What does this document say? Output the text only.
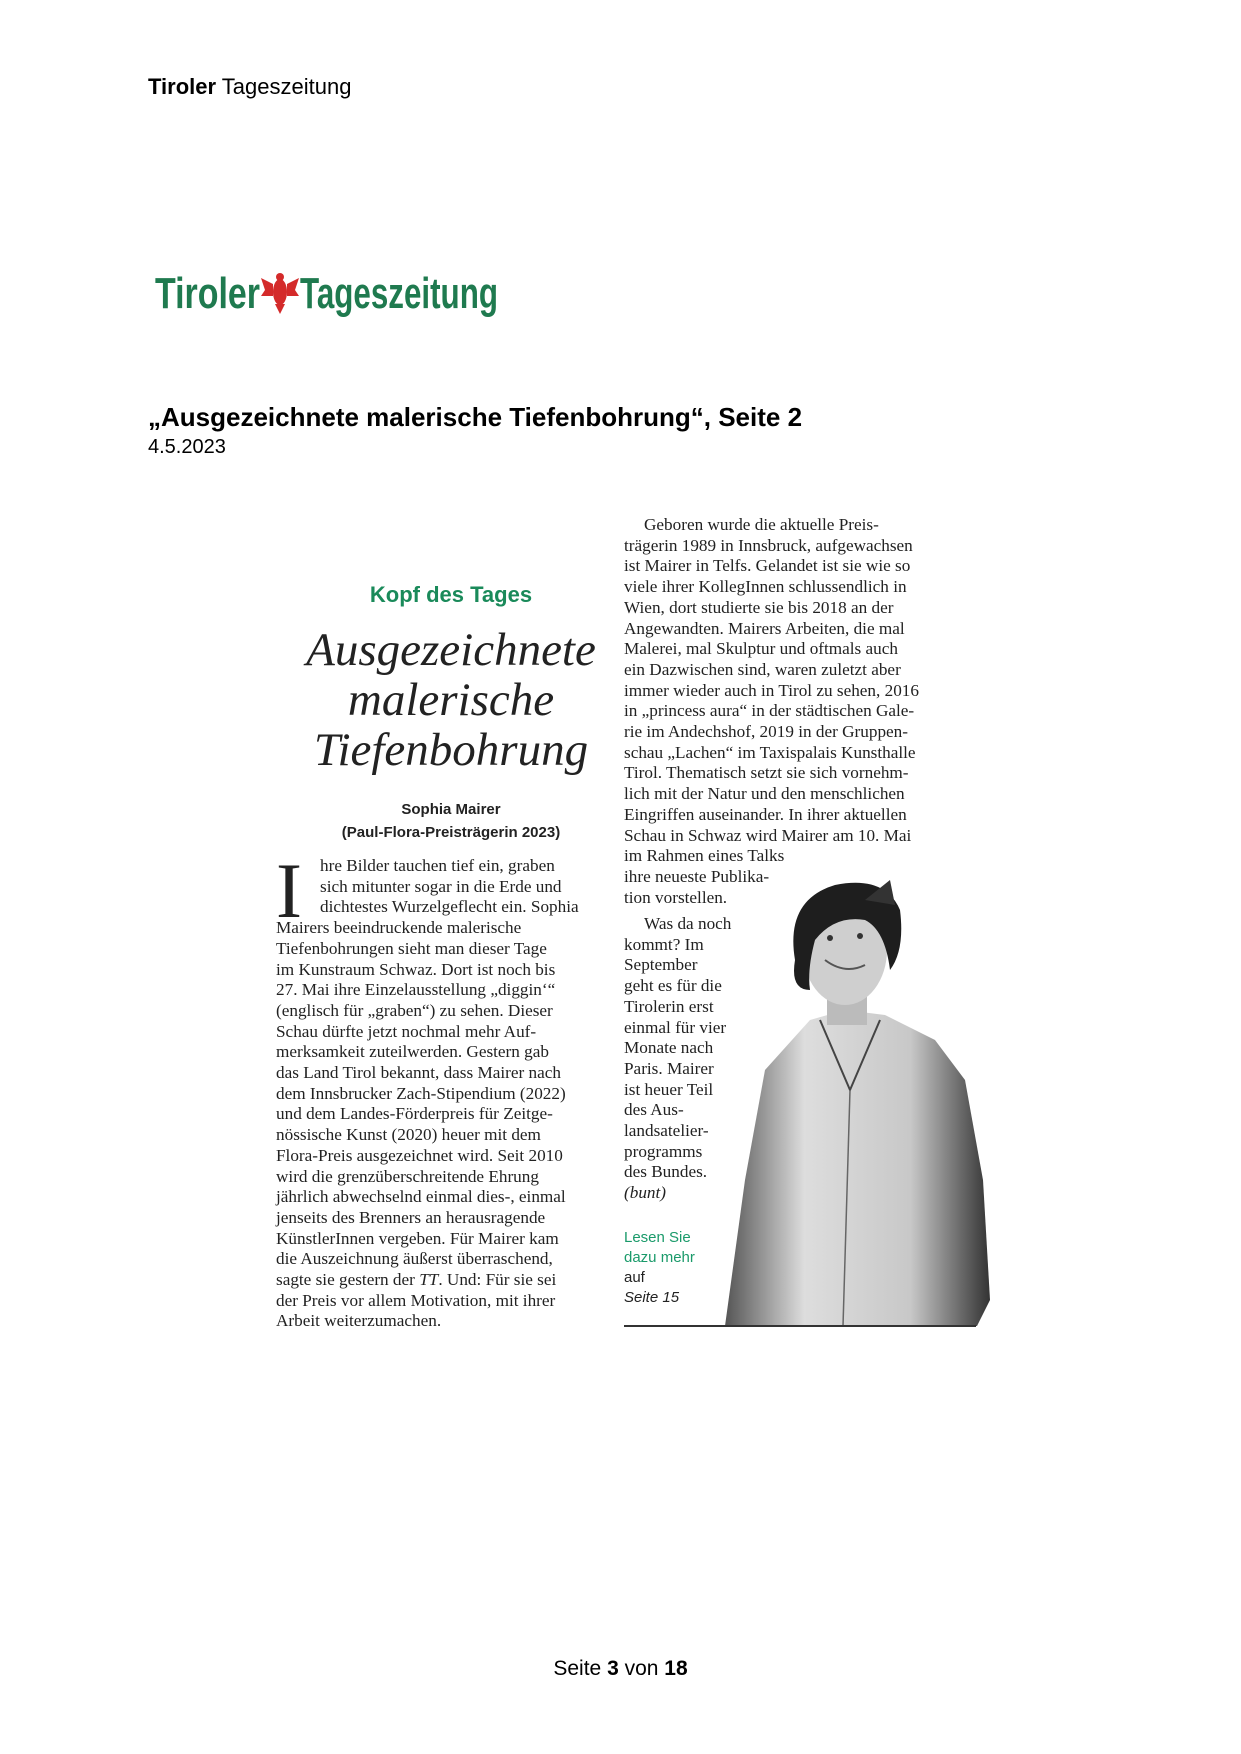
Tiroler Tageszeitung
Tiroler Tageszeitung
„Ausgezeichnete malerische Tiefenbohrung“, Seite 2
4.5.2023
Kopf des Tages
Ausgezeichnete
malerische
Tiefenbohrung
Sophia Mairer
(Paul-Flora-Preisträgerin 2023)
I	hre Bilder tauchen tief ein, graben
sich mitunter sogar in die Erde und
dichtestes Wurzelgeflecht ein. Sophia
Mairers beeindruckende malerische
Tiefenbohrungen sieht man dieser Tage
im Kunstraum Schwaz. Dort ist noch bis
27. Mai ihre Einzelausstellung „diggin‘“
(englisch für „graben“) zu sehen. Dieser
Schau dürfte jetzt nochmal mehr Auf-
merksamkeit zuteilwerden. Gestern gab
das Land Tirol bekannt, dass Mairer nach
dem Innsbrucker Zach-Stipendium (2022)
und dem Landes-Förderpreis für Zeitge-
nössische Kunst (2020) heuer mit dem
Flora-Preis ausgezeichnet wird. Seit 2010
wird die grenzüberschreitende Ehrung
jährlich abwechselnd einmal dies-, einmal
jenseits des Brenners an herausragende
KünstlerInnen vergeben. Für Mairer kam
die Auszeichnung äußerst überraschend,
sagte sie gestern der TT. Und: Für sie sei
der Preis vor allem Motivation, mit ihrer
Arbeit weiterzumachen.
Geboren wurde die aktuelle Preis-
trägerin 1989 in Innsbruck, aufgewachsen
ist Mairer in Telfs. Gelandet ist sie wie so
viele ihrer KollegInnen schlussendlich in
Wien, dort studierte sie bis 2018 an der
Angewandten. Mairers Arbeiten, die mal
Malerei, mal Skulptur und oftmals auch
ein Dazwischen sind, waren zuletzt aber
immer wieder auch in Tirol zu sehen, 2016
in „princess aura“ in der städtischen Gale-
rie im Andechshof, 2019 in der Gruppen-
schau „Lachen“ im Taxispalais Kunsthalle
Tirol. Thematisch setzt sie sich vornehm-
lich mit der Natur und den menschlichen
Eingriffen auseinander. In ihrer aktuellen
Schau in Schwaz wird Mairer am 10. Mai
im Rahmen eines Talks
ihre neueste Publika-
tion vorstellen.
Was da noch
kommt? Im
September
geht es für die
Tirolerin erst
einmal für vier
Monate nach
Paris. Mairer
ist heuer Teil
des Aus-
landsatelier-
programms
des Bundes.
(bunt)
Lesen Sie
dazu mehr
auf
Seite 15
Seite 3 von 18
